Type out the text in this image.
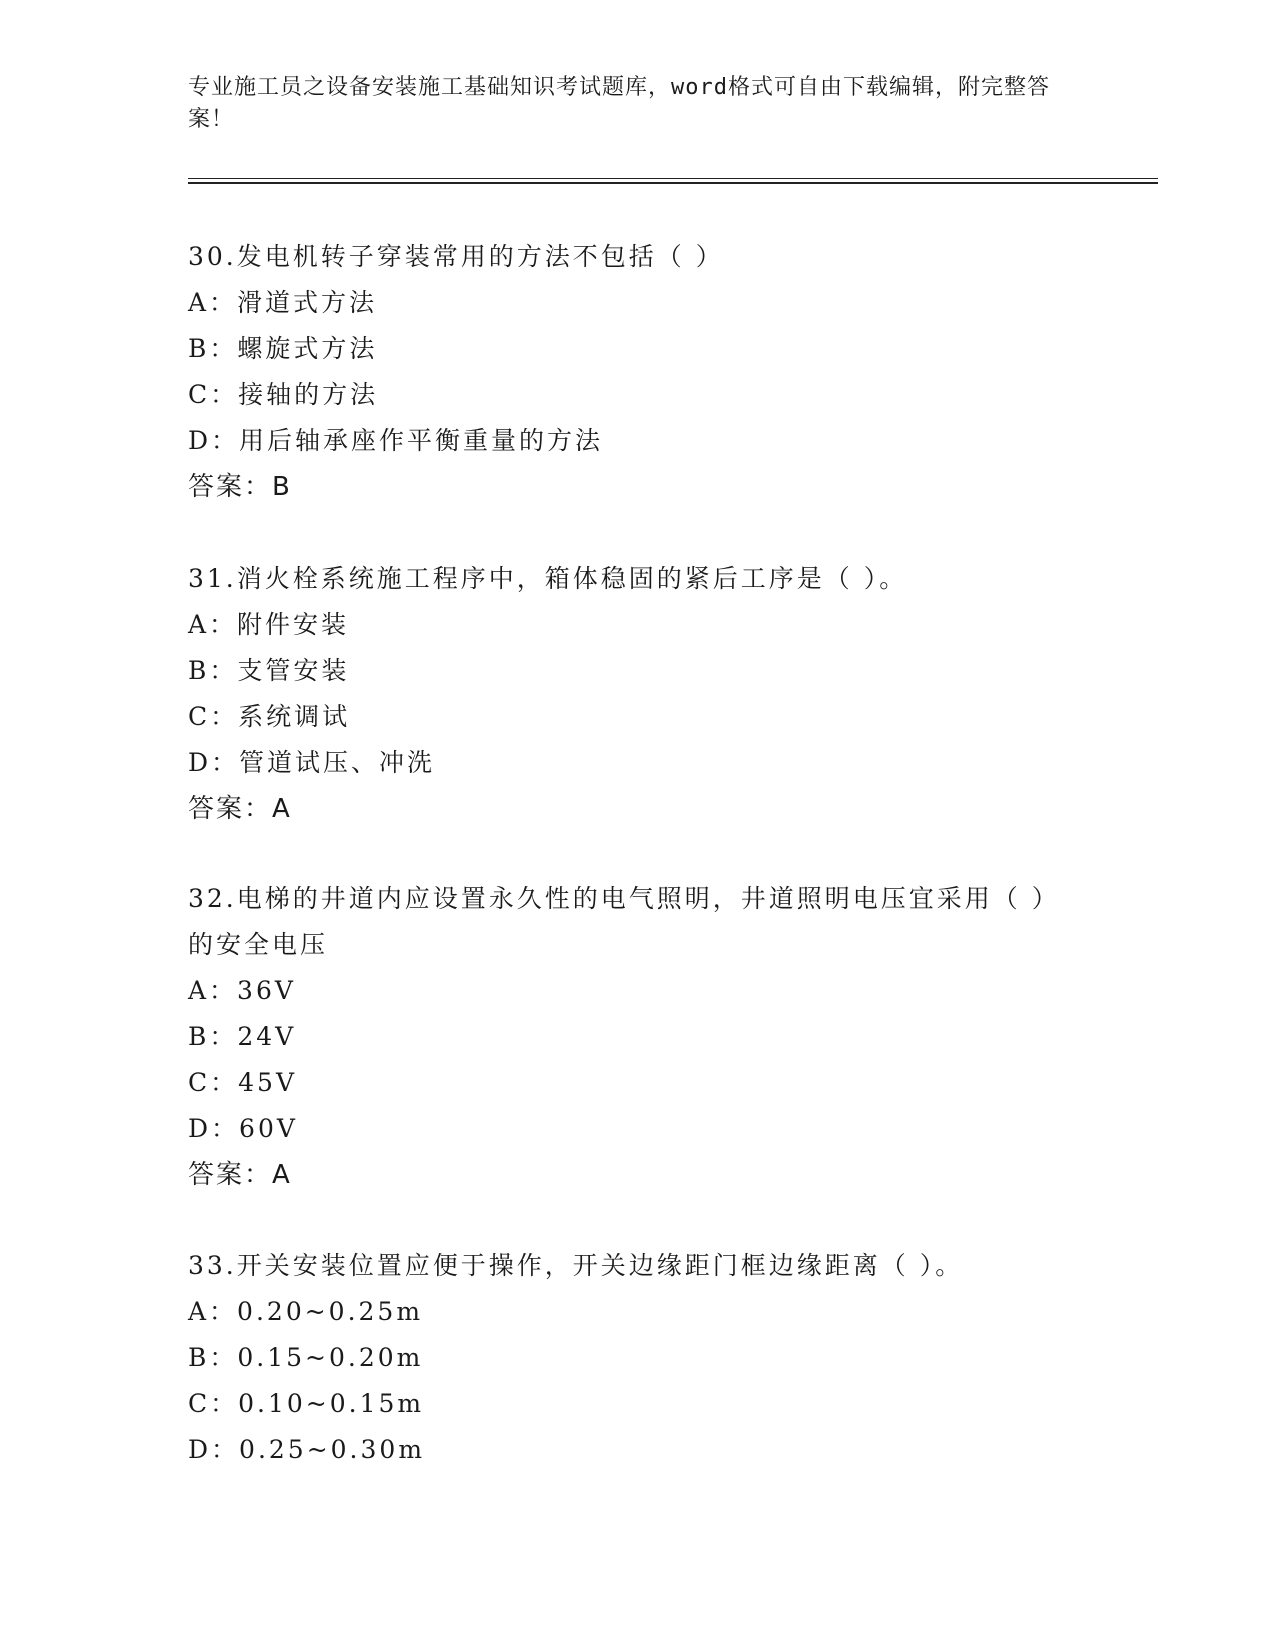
专业施工员之设备安装施工基础知识考试题库，word格式可自由下载编辑，附完整答案！
30.发电机转子穿装常用的方法不包括（ ）
A：滑道式方法
B：螺旋式方法
C：接轴的方法
D：用后轴承座作平衡重量的方法
答案：B
31.消火栓系统施工程序中，箱体稳固的紧后工序是（ ）。
A：附件安装
B：支管安装
C：系统调试
D：管道试压、冲洗
答案：A
32.电梯的井道内应设置永久性的电气照明，井道照明电压宜采用（ ）的安全电压
A：36V
B：24V
C：45V
D：60V
答案：A
33.开关安装位置应便于操作，开关边缘距门框边缘距离（ ）。
A：0.20~0.25m
B：0.15~0.20m
C：0.10~0.15m
D：0.25~0.30m
